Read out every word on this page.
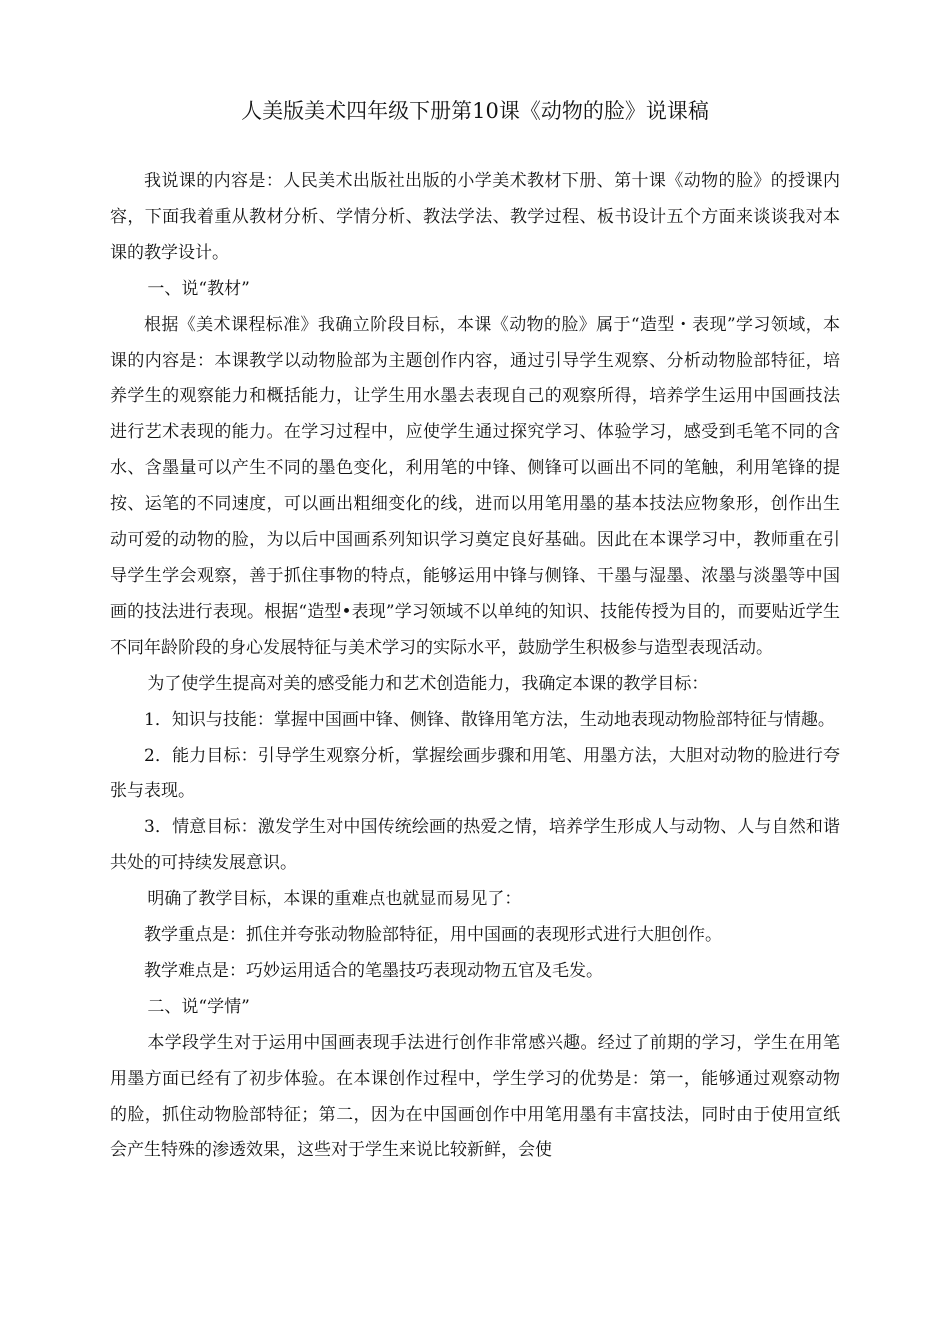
人美版美术四年级下册第10课《动物的脸》说课稿

我说课的内容是：人民美术出版社出版的小学美术教材下册、第十课《动物的脸》的授课内容，下面我着重从教材分析、学情分析、教法学法、教学过程、板书设计五个方面来谈谈我对本课的教学设计。

一、说“教材”

根据《美术课程标准》我确立阶段目标，本课《动物的脸》属于“造型・表现”学习领域，本课的内容是：本课教学以动物脸部为主题创作内容，通过引导学生观察、分析动物脸部特征，培养学生的观察能力和概括能力，让学生用水墨去表现自己的观察所得，培养学生运用中国画技法进行艺术表现的能力。在学习过程中，应使学生通过探究学习、体验学习，感受到毛笔不同的含水、含墨量可以产生不同的墨色变化，利用笔的中锋、侧锋可以画出不同的笔触，利用笔锋的提按、运笔的不同速度，可以画出粗细变化的线，进而以用笔用墨的基本技法应物象形，创作出生动可爱的动物的脸，为以后中国画系列知识学习奠定良好基础。因此在本课学习中，教师重在引导学生学会观察，善于抓住事物的特点，能够运用中锋与侧锋、干墨与湿墨、浓墨与淡墨等中国画的技法进行表现。根据“造型•表现”学习领域不以单纯的知识、技能传授为目的，而要贴近学生不同年龄阶段的身心发展特征与美术学习的实际水平，鼓励学生积极参与造型表现活动。

为了使学生提高对美的感受能力和艺术创造能力，我确定本课的教学目标：

1．知识与技能：掌握中国画中锋、侧锋、散锋用笔方法，生动地表现动物脸部特征与情趣。

2．能力目标：引导学生观察分析，掌握绘画步骤和用笔、用墨方法，大胆对动物的脸进行夸张与表现。

3．情意目标：激发学生对中国传统绘画的热爱之情，培养学生形成人与动物、人与自然和谐共处的可持续发展意识。

明确了教学目标，本课的重难点也就显而易见了：

教学重点是：抓住并夸张动物脸部特征，用中国画的表现形式进行大胆创作。

教学难点是：巧妙运用适合的笔墨技巧表现动物五官及毛发。

二、说“学情”

本学段学生对于运用中国画表现手法进行创作非常感兴趣。经过了前期的学习，学生在用笔用墨方面已经有了初步体验。在本课创作过程中，学生学习的优势是：第一，能够通过观察动物的脸，抓住动物脸部特征；第二，因为在中国画创作中用笔用墨有丰富技法，同时由于使用宣纸会产生特殊的渗透效果，这些对于学生来说比较新鲜，会使
